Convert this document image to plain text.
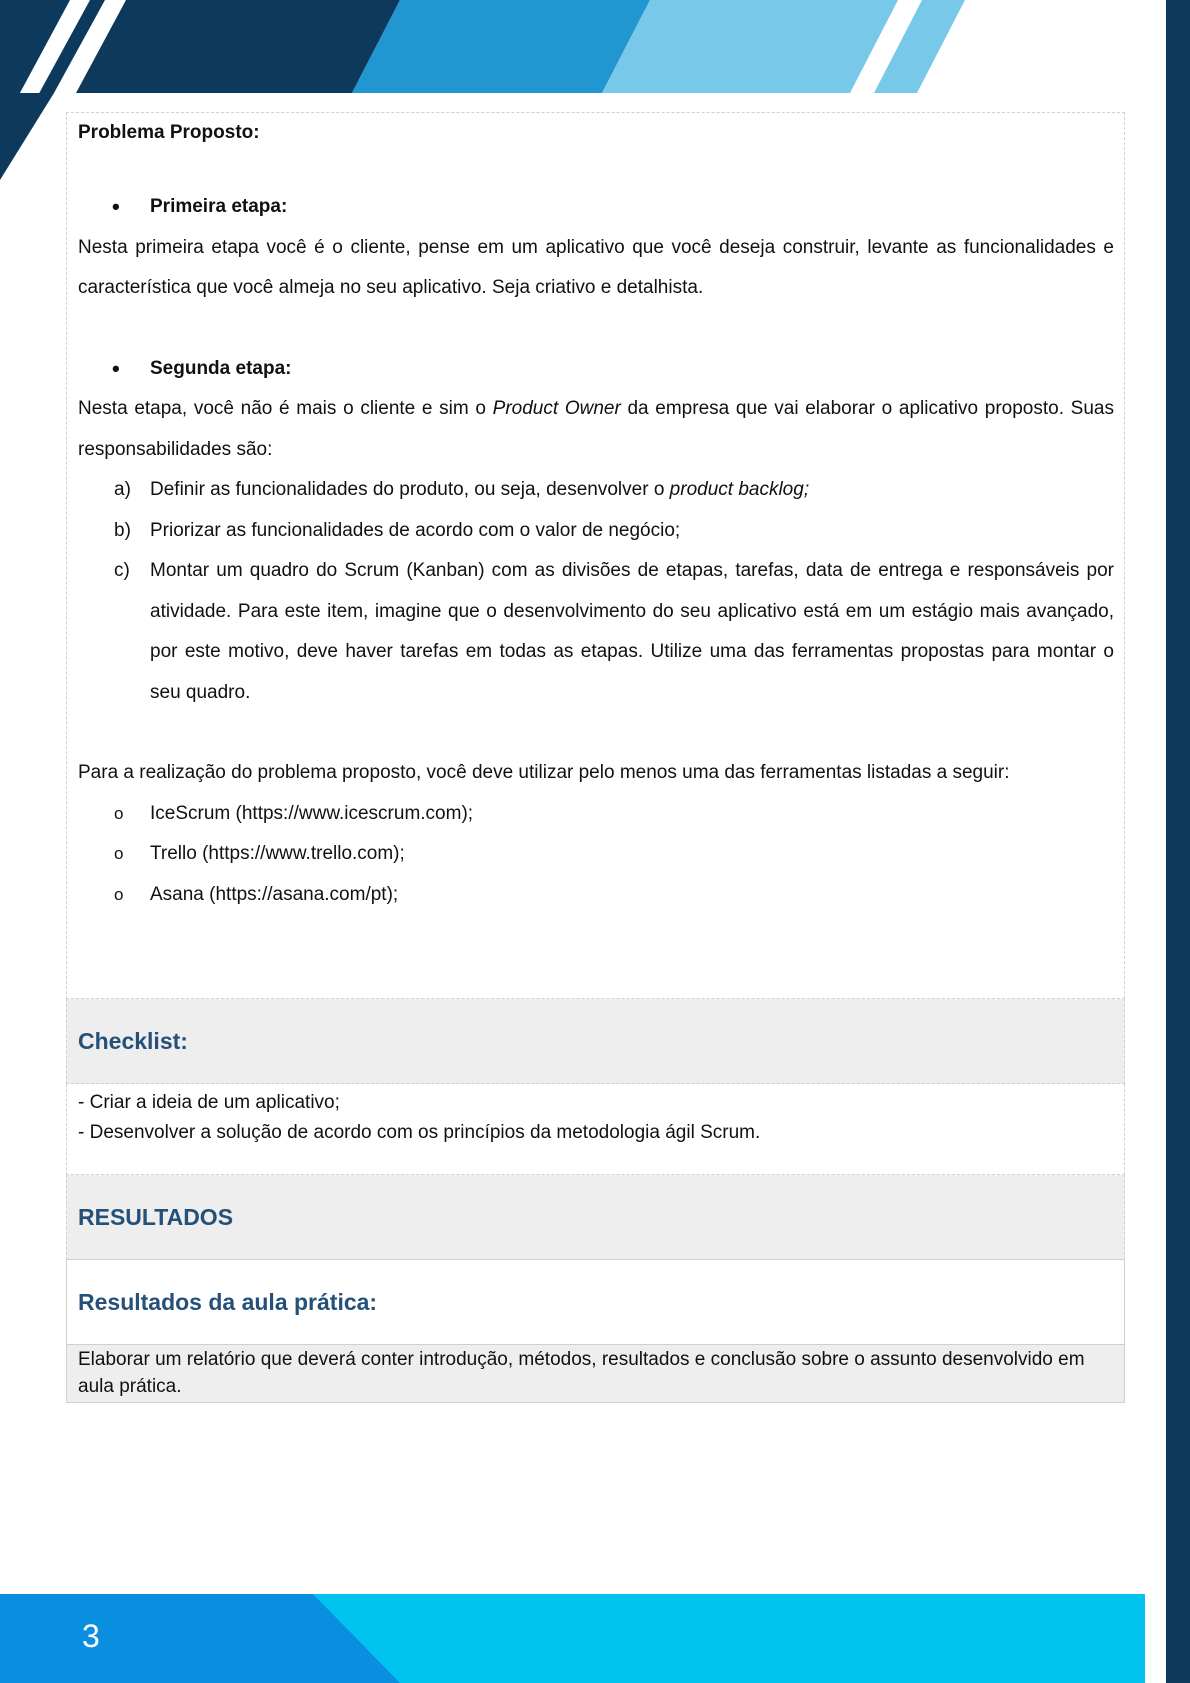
Problema Proposto:

• Primeira etapa:

Nesta primeira etapa você é o cliente, pense em um aplicativo que você deseja construir, levante as funcionalidades e característica que você almeja no seu aplicativo. Seja criativo e detalhista.

• Segunda etapa:

Nesta etapa, você não é mais o cliente e sim o Product Owner da empresa que vai elaborar o aplicativo proposto. Suas responsabilidades são:

a) Definir as funcionalidades do produto, ou seja, desenvolver o product backlog;
b) Priorizar as funcionalidades de acordo com o valor de negócio;
c) Montar um quadro do Scrum (Kanban) com as divisões de etapas, tarefas, data de entrega e responsáveis por atividade. Para este item, imagine que o desenvolvimento do seu aplicativo está em um estágio mais avançado, por este motivo, deve haver tarefas em todas as etapas. Utilize uma das ferramentas propostas para montar o seu quadro.

Para a realização do problema proposto, você deve utilizar pelo menos uma das ferramentas listadas a seguir:

o IceScrum (https://www.icescrum.com);
o Trello (https://www.trello.com);
o Asana (https://asana.com/pt);
Checklist:
- Criar a ideia de um aplicativo;
- Desenvolver a solução de acordo com os princípios da metodologia ágil Scrum.
RESULTADOS
Resultados da aula prática:
Elaborar um relatório que deverá conter introdução, métodos, resultados e conclusão sobre o assunto desenvolvido em aula prática.
3
